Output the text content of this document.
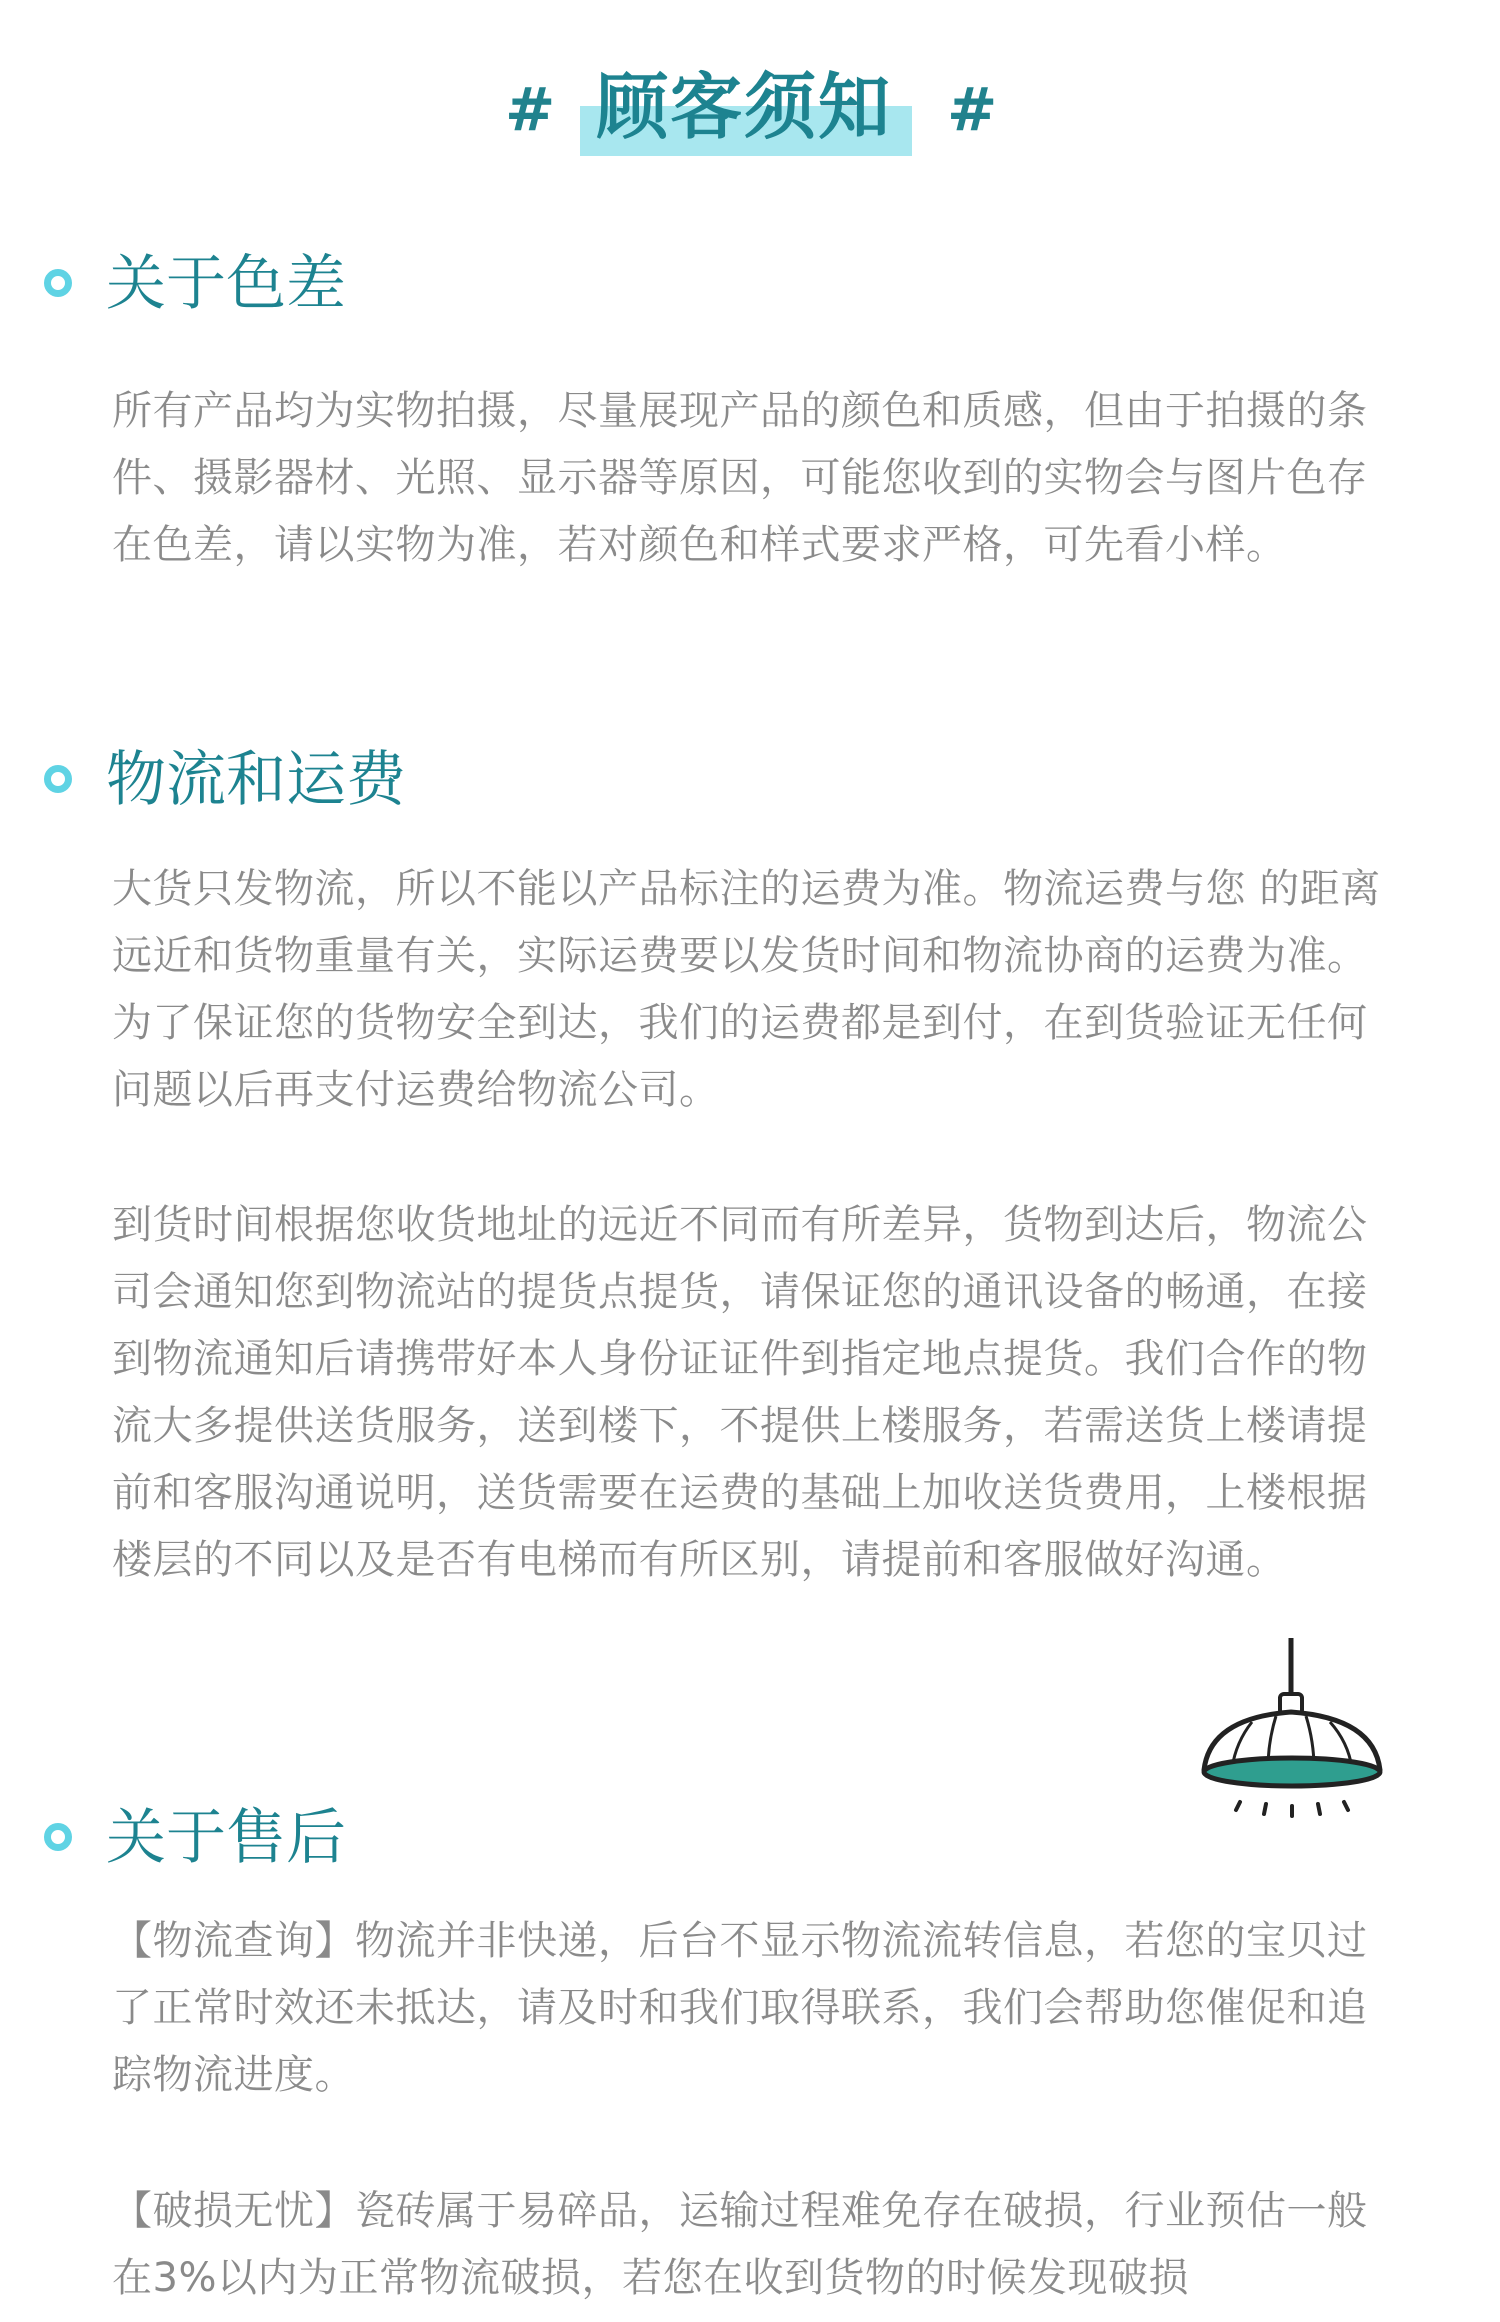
# 顾客须知 #
关于色差

所有产品均为实物拍摄，尽量展现产品的颜色和质感，但由于拍摄的条件、摄影器材、光照、显示器等原因，可能您收到的实物会与图片色存在色差，请以实物为准，若对颜色和样式要求严格，可先看小样。

物流和运费

大货只发物流，所以不能以产品标注的运费为准。物流运费与您 的距离远近和货物重量有关，实际运费要以发货时间和物流协商的运费为准。为了保证您的货物安全到达，我们的运费都是到付，在到货验证无任何问题以后再支付运费给物流公司。

到货时间根据您收货地址的远近不同而有所差异，货物到达后，物流公司会通知您到物流站的提货点提货，请保证您的通讯设备的畅通，在接到物流通知后请携带好本人身份证证件到指定地点提货。我们合作的物流大多提供送货服务，送到楼下，不提供上楼服务，若需送货上楼请提前和客服沟通说明，送货需要在运费的基础上加收送货费用，上楼根据楼层的不同以及是否有电梯而有所区别，请提前和客服做好沟通。

关于售后

【物流查询】物流并非快递，后台不显示物流流转信息，若您的宝贝过了正常时效还未抵达，请及时和我们取得联系，我们会帮助您催促和追踪物流进度。

【破损无忧】瓷砖属于易碎品，运输过程难免存在破损，行业预估一般在3%以内为正常物流破损，若您在收到货物的时候发现破损
